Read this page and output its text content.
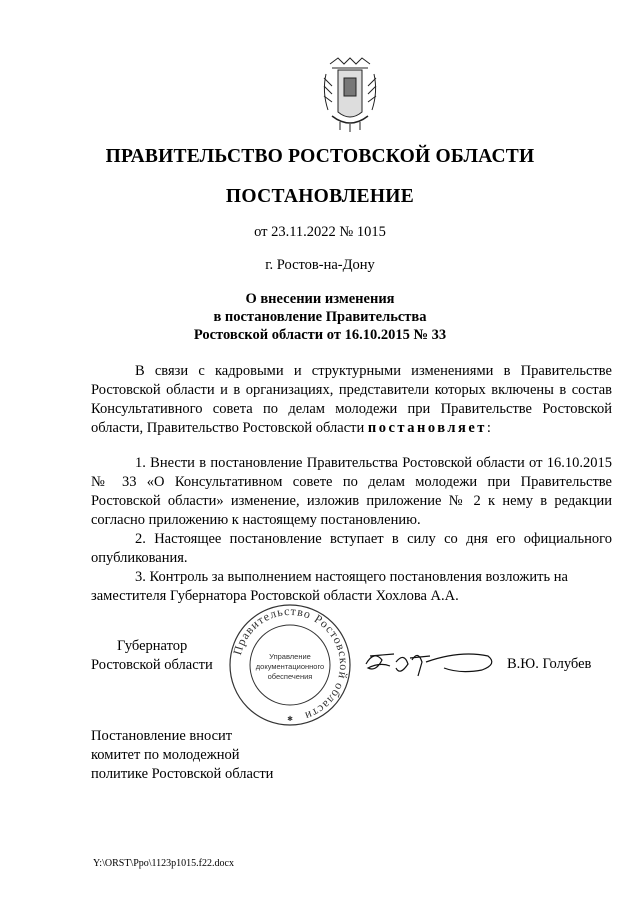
ПРАВИТЕЛЬСТВО РОСТОВСКОЙ ОБЛАСТИ
ПОСТАНОВЛЕНИЕ
от 23.11.2022 № 1015
г. Ростов-на-Дону
О внесении изменения
в постановление Правительства
Ростовской области от 16.10.2015 № 33

В связи с кадровыми и структурными изменениями в Правительстве Ростовской области и в организациях, представители которых включены в состав Консультативного совета по делам молодежи при Правительстве Ростовской области, Правительство Ростовской области постановляет:

1. Внести в постановление Правительства Ростовской области от 16.10.2015 № 33 «О Консультативном совете по делам молодежи при Правительстве Ростовской области» изменение, изложив приложение № 2 к нему в редакции согласно приложению к настоящему постановлению.

2. Настоящее постановление вступает в силу со дня его официального опубликования.

3. Контроль за выполнением настоящего постановления возложить на заместителя Губернатора Ростовской области Хохлова А.А.

Губернатор
Ростовской области
Правительство Ростовской области
Управление
документационного
обеспечения
✱
В.Ю. Голубев
Постановление вносит
комитет по молодежной
политике Ростовской области
Y:\ORST\Ppo\1123p1015.f22.docx
